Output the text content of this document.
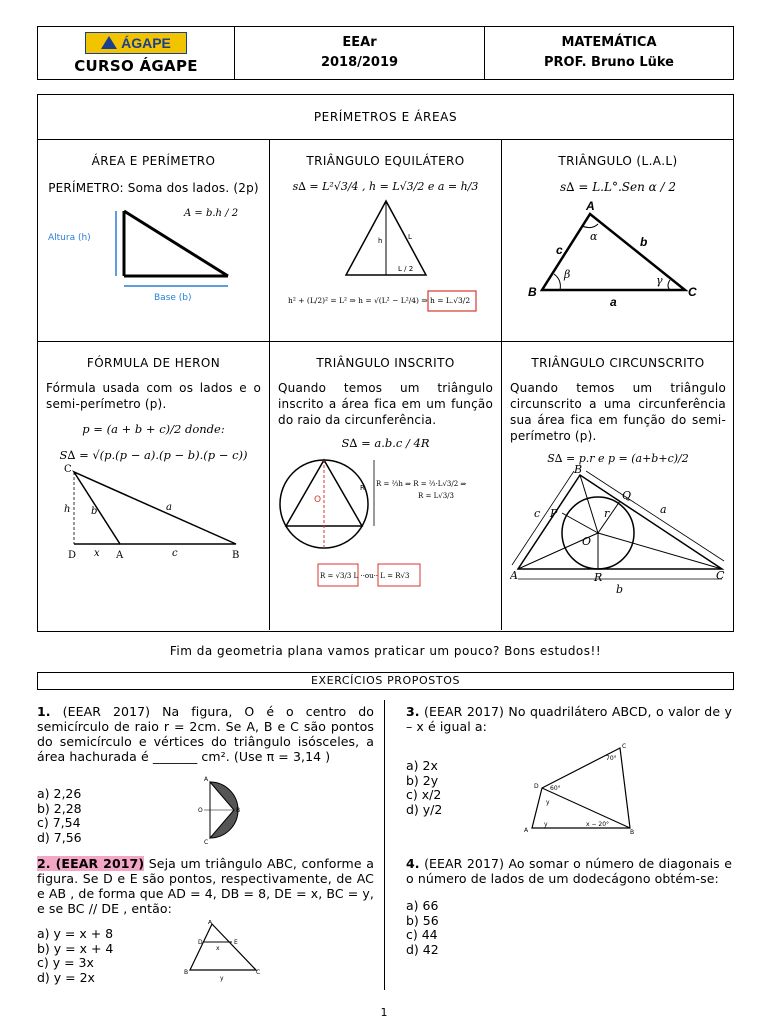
ÁGAPE
CURSO ÁGAPE
EEAr
2018/2019
MATEMÁTICA
PROF. Bruno Lüke
PERÍMETROS E ÁREAS
ÁREA E PERÍMETRO
PERÍMETRO: Soma dos lados. (2p)
Altura (h)
Base (b)
A = b.h / 2
TRIÂNGULO EQUILÁTERO
s∆ = L²√3/4 , h = L√3/2 e a = h/3
h	L
L / 2
h² + (L/2)² = L² ⇒ h = √(L² − L²/4) ⇒ h = L.√3/2
TRIÂNGULO (L.A.L)
s∆ = L.L°.Sen α / 2
A
B	C
a
b
c
α
β	γ
FÓRMULA DE HERON
Fórmula usada com os lados e o semi-perímetro (p).
p = (a + b + c)/2 donde:
S∆ = √(p.(p − a).(p − b).(p − c))
C
h b	a
D x A	c	B
TRIÂNGULO INSCRITO
Quando temos um triângulo inscrito a área fica em um função do raio da circunferência.
S∆ = a.b.c / 4R
O
R R = ⅔h ⇒ R = ⅔·L√3/2 ⇒
R = L√3/3
R = √3/3 L ··ou·· L = R√3
TRIÂNGULO CIRCUNSCRITO
Quando temos um triângulo circunscrito a uma circunferência sua área fica em função do semi-perímetro (p).
S∆ = p.r e p = (a+b+c)/2
B
P
Q
r
O
A	R	C
a
b
c
Fim da geometria plana vamos praticar um pouco? Bons estudos!!
EXERCÍCIOS PROPOSTOS
1. (EEAR 2017) Na figura, O é o centro do semicírculo de raio r = 2cm. Se A, B e C são pontos do semicírculo e vértices do triângulo isósceles, a área hachurada é _______ cm². (Use π = 3,14 )
a) 2,26
b) 2,28
c) 7,54
d) 7,56
A
O	B
C
2. (EEAR 2017) Seja um triângulo ABC, conforme a figura. Se D e E são pontos, respectivamente, de AC e AB , de forma que AD = 4, DB = 8, DE = x, BC = y, e se BC // DE , então:
a) y = x + 8
b) y = x + 4
c) y = 3x
d) y = 2x
A
D	E
x
B	C
y
3. (EEAR 2017) No quadrilátero ABCD, o valor de y – x é igual a:
a) 2x
b) 2y
c) x/2
d) y/2
C
70°
D 60°
y
A
y	x − 20°
B
4. (EEAR 2017) Ao somar o número de diagonais e o número de lados de um dodecágono obtém-se:
a) 66
b) 56
c) 44
d) 42
1
